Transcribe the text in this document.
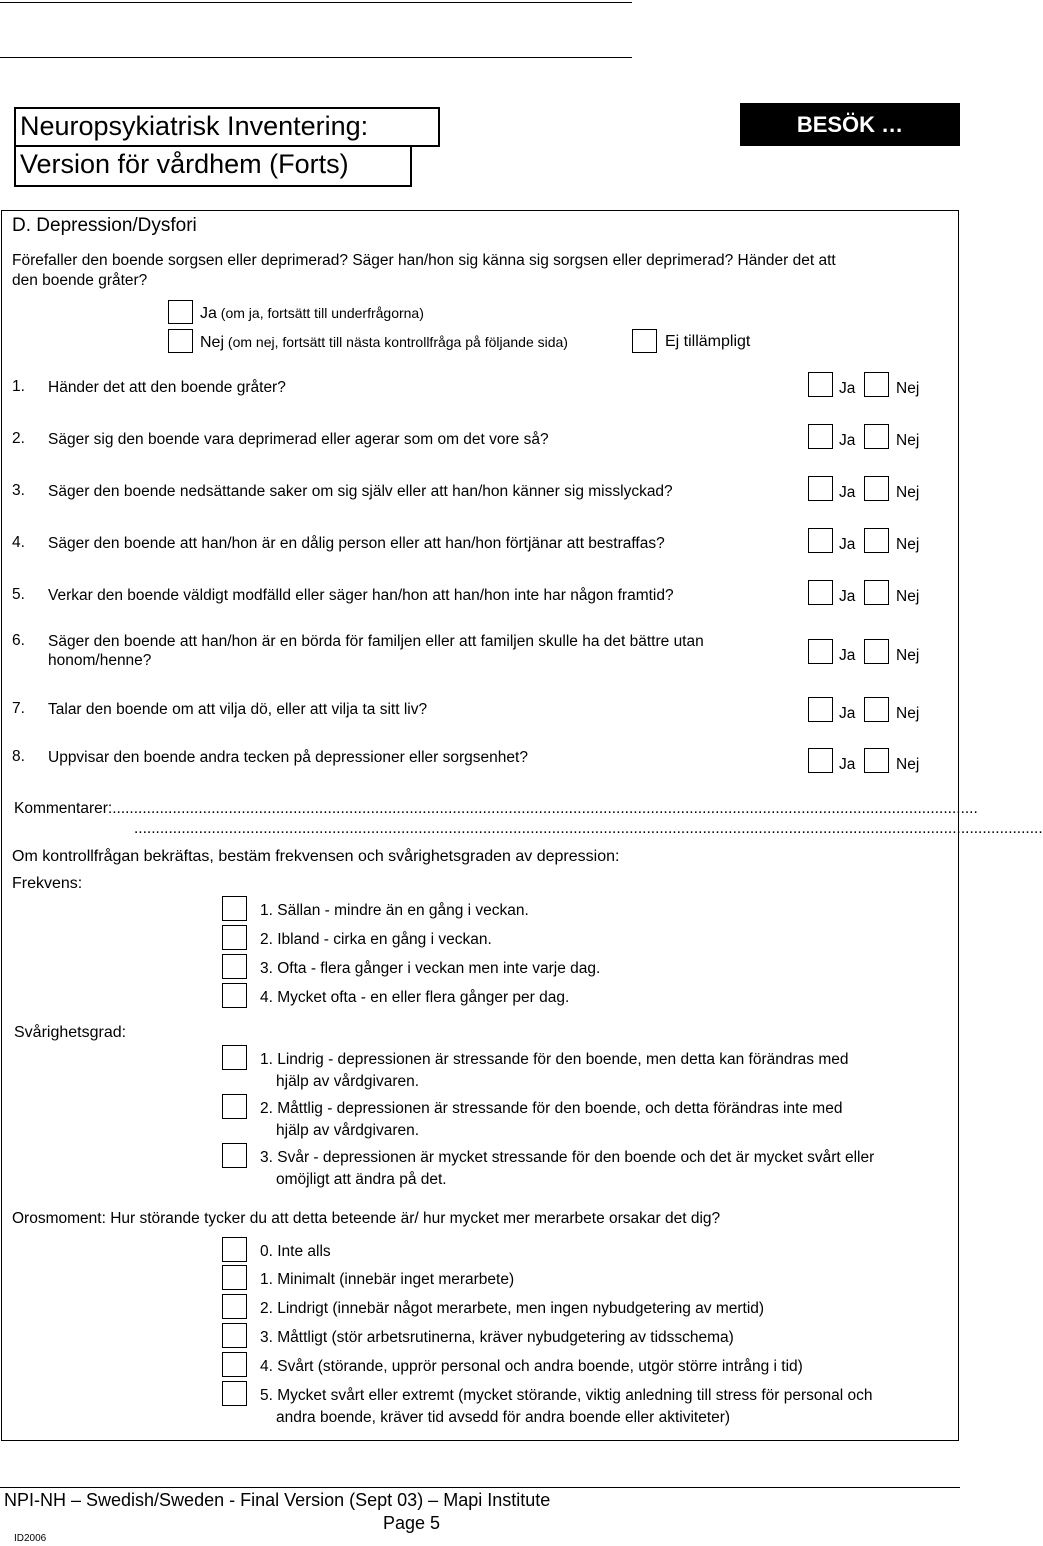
Neuropsykiatrisk Inventering:
Version för vårdhem (Forts)
BESÖK …
D. Depression/Dysfori
Förefaller den boende sorgsen eller deprimerad? Säger han/hon sig känna sig sorgsen eller deprimerad? Händer det att
den boende gråter?
Ja (om ja, fortsätt till underfrågorna)
Nej (om nej, fortsätt till nästa kontrollfråga på följande sida)	Ej tillämpligt
1. Händer det att den boende gråter?	Ja	Nej
2. Säger sig den boende vara deprimerad eller agerar som om det vore så?	Ja	Nej
3. Säger den boende nedsättande saker om sig själv eller att han/hon känner sig misslyckad?	Ja	Nej
4. Säger den boende att han/hon är en dålig person eller att han/hon förtjänar att bestraffas?	Ja	Nej
5. Verkar den boende väldigt modfälld eller säger han/hon att han/hon inte har någon framtid?	Ja	Nej
6. Säger den boende att han/hon är en börda för familjen eller att familjen skulle ha det bättre utan
honom/henne?	Ja	Nej
7. Talar den boende om att vilja dö, eller att vilja ta sitt liv?	Ja	Nej
8. Uppvisar den boende andra tecken på depressioner eller sorgsenhet?	Ja	Nej
Kommentarer:.........................................................................................................................................................................................................
...................................................................................................................................................................................................................
Om kontrollfrågan bekräftas, bestäm frekvensen och svårighetsgraden av depression:
Frekvens:
1. Sällan - mindre än en gång i veckan.
2. Ibland - cirka en gång i veckan.
3. Ofta - flera gånger i veckan men inte varje dag.
4. Mycket ofta - en eller flera gånger per dag.
Svårighetsgrad:
1. Lindrig - depressionen är stressande för den boende, men detta kan förändras med
hjälp av vårdgivaren.
2. Måttlig - depressionen är stressande för den boende, och detta förändras inte med
hjälp av vårdgivaren.
3. Svår - depressionen är mycket stressande för den boende och det är mycket svårt eller
omöjligt att ändra på det.
Orosmoment: Hur störande tycker du att detta beteende är/ hur mycket mer merarbete orsakar det dig?
0. Inte alls
1. Minimalt (innebär inget merarbete)
2. Lindrigt (innebär något merarbete, men ingen nybudgetering av mertid)
3. Måttligt (stör arbetsrutinerna, kräver nybudgetering av tidsschema)
4. Svårt (störande, upprör personal och andra boende, utgör större intrång i tid)
5. Mycket svårt eller extremt (mycket störande, viktig anledning till stress för personal och
andra boende, kräver tid avsedd för andra boende eller aktiviteter)
NPI-NH – Swedish/Sweden - Final Version (Sept 03) – Mapi Institute
Page 5
ID2006
